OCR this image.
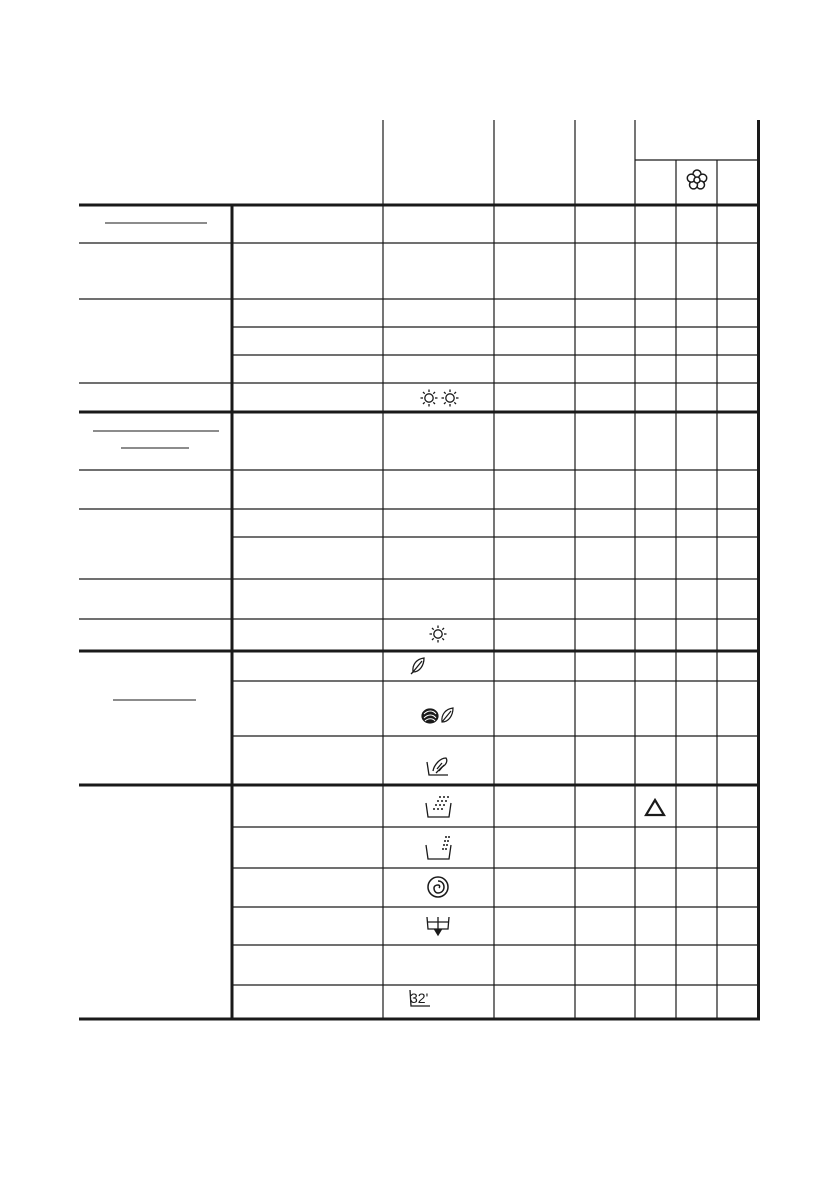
32'
